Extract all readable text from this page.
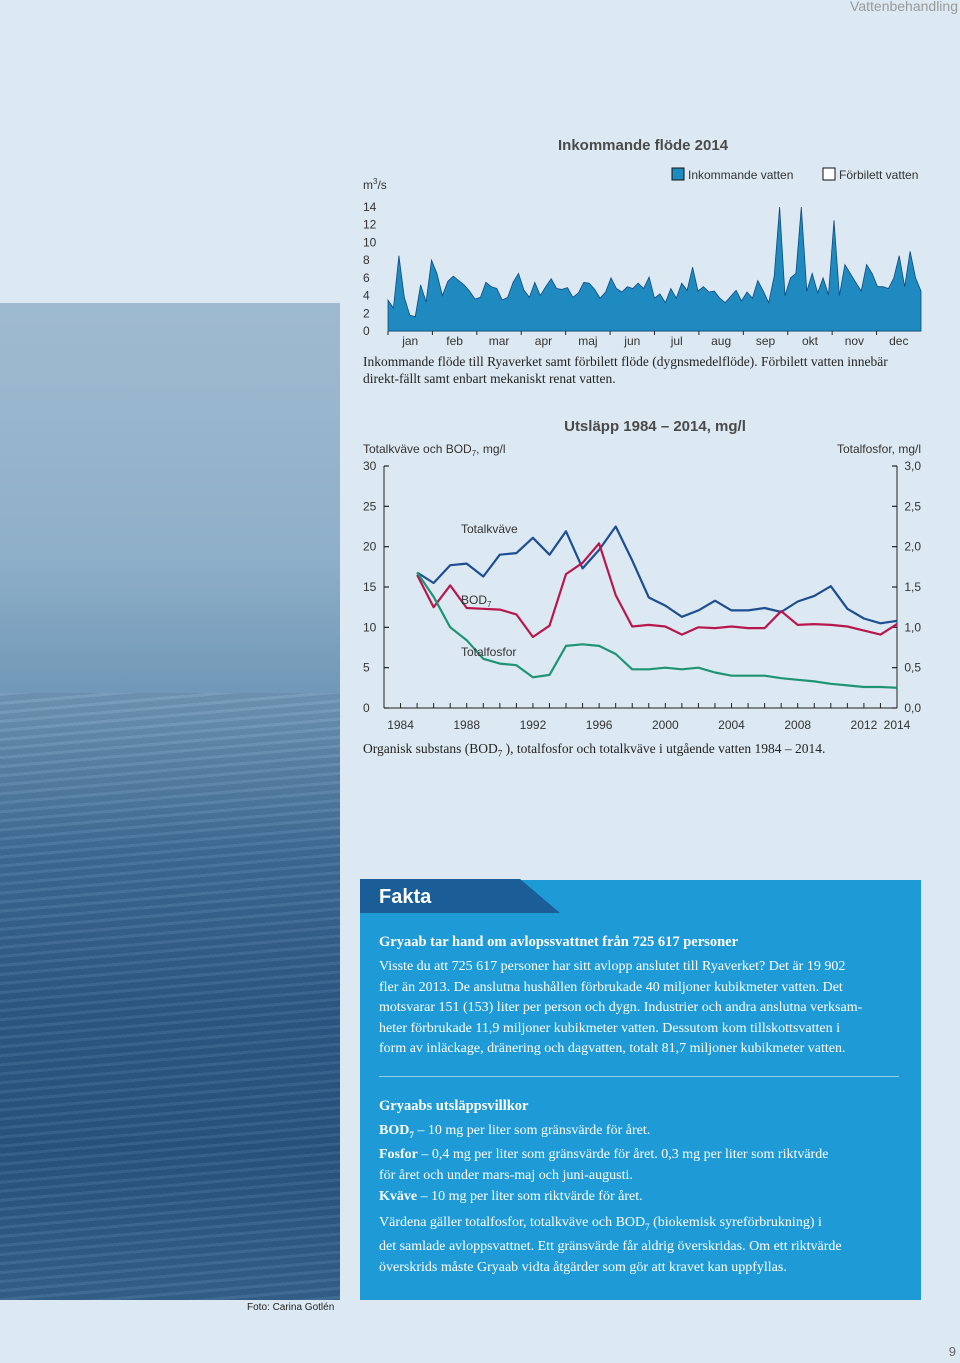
Vattenbehandling
Inkommande flöde 2014
$m^3/s$
Inkommande vatten	Förbilett vatten
14
12
10
8
6
4
2
0
jan feb mar apr maj jun	jul aug sep okt nov dec
Utsläpp 1984 – 2014, mg/l
Totalkväve och $BOD_7$, mg/l	Totalfosfor, mg/l
30
25
20
15
10
5
0
3,0
2,5
2,0
1,5
1,0
0,5
0,0
1984	1988	1992	1996	2000	2004	2008	2012 2014
Totalkväve
$BOD_7$
Totalfosfor
Inkommande flöde till Ryaverket samt förbilett flöde (dygnsmedelflöde). Förbilett vatten innebär direkt-fällt samt enbart mekaniskt renat vatten.
Organisk substans ($BOD_7$ ), totalfosfor och totalkväve i utgående vatten 1984 – 2014.
Fakta
Gryaab tar hand om avlopssvattnet från 725 617 personer
Visste du att 725 617 personer har sitt avlopp anslutet till Ryaverket? Det är 19 902
fler än 2013. De anslutna hushållen förbrukade 40 miljoner kubikmeter vatten. Det
motsvarar 151 (153) liter per person och dygn. Industrier och andra anslutna verksam-
heter förbrukade 11,9 miljoner kubikmeter vatten. Dessutom kom tillskottsvatten i
form av inläckage, dränering och dagvatten, totalt 81,7 miljoner kubikmeter vatten.
Gryaabs utsläppsvillkor
$BOD_7 - 10$ mg per liter som gränsvärde för året.
Fosfor – 0,4 mg per liter som gränsvärde för året. 0,3 mg per liter som riktvärde
för året och under mars-maj och juni-augusti.
Kväve – 10 mg per liter som riktvärde för året.
Värdena gäller totalfosfor, totalkväve och $BOD_7$ (biokemisk syreförbrukning) i
det samlade avloppsvattnet. Ett gränsvärde får aldrig överskridas. Om ett riktvärde
överskrids måste Gryaab vidta åtgärder som gör att kravet kan uppfyllas.
Foto: Carina Gotlén
9
